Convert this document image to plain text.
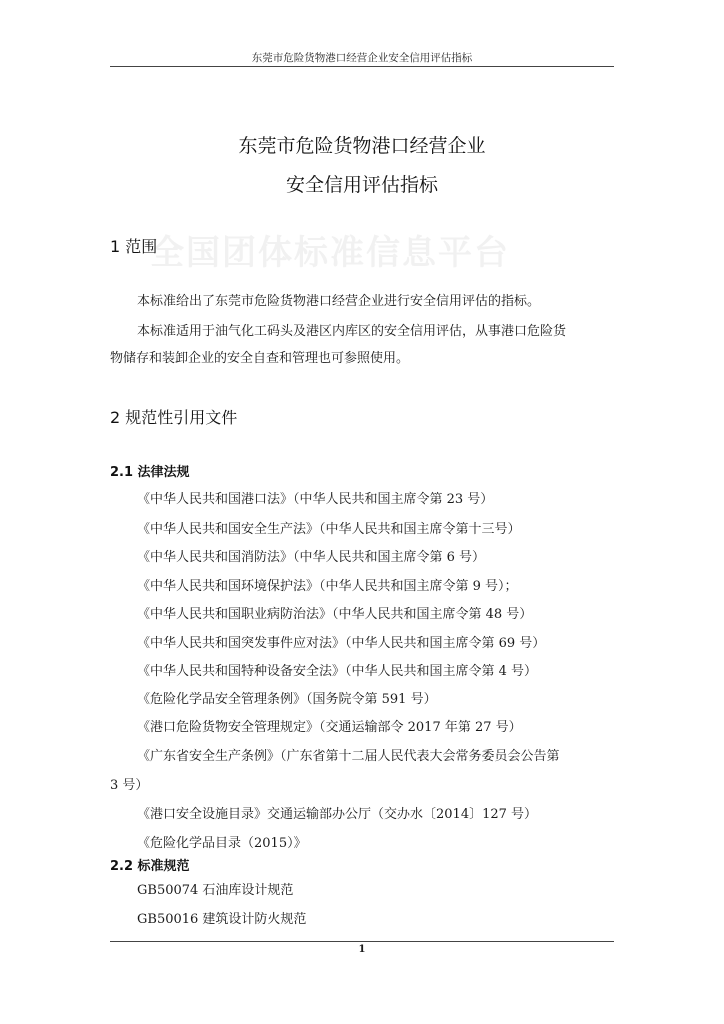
东莞市危险货物港口经营企业安全信用评估指标
全国团体标准信息平台
东莞市危险货物港口经营企业
安全信用评估指标
1 范围
本标准给出了东莞市危险货物港口经营企业进行安全信用评估的指标。
本标准适用于油气化工码头及港区内库区的安全信用评估，从事港口危险货
物储存和装卸企业的安全自查和管理也可参照使用。
2 规范性引用文件
2.1 法律法规
《中华人民共和国港口法》（中华人民共和国主席令第 23 号）
《中华人民共和国安全生产法》（中华人民共和国主席令第十三号）
《中华人民共和国消防法》（中华人民共和国主席令第 6 号）
《中华人民共和国环境保护法》（中华人民共和国主席令第 9 号）；
《中华人民共和国职业病防治法》（中华人民共和国主席令第 48 号）
《中华人民共和国突发事件应对法》（中华人民共和国主席令第 69 号）
《中华人民共和国特种设备安全法》（中华人民共和国主席令第 4 号）
《危险化学品安全管理条例》（国务院令第 591 号）
《港口危险货物安全管理规定》（交通运输部令 2017 年第 27 号）
《广东省安全生产条例》（广东省第十二届人民代表大会常务委员会公告第
3 号）
《港口安全设施目录》交通运输部办公厅（交办水〔2014〕127 号）
《危险化学品目录（2015）》
2.2 标准规范
GB50074 石油库设计规范
GB50016 建筑设计防火规范
1
